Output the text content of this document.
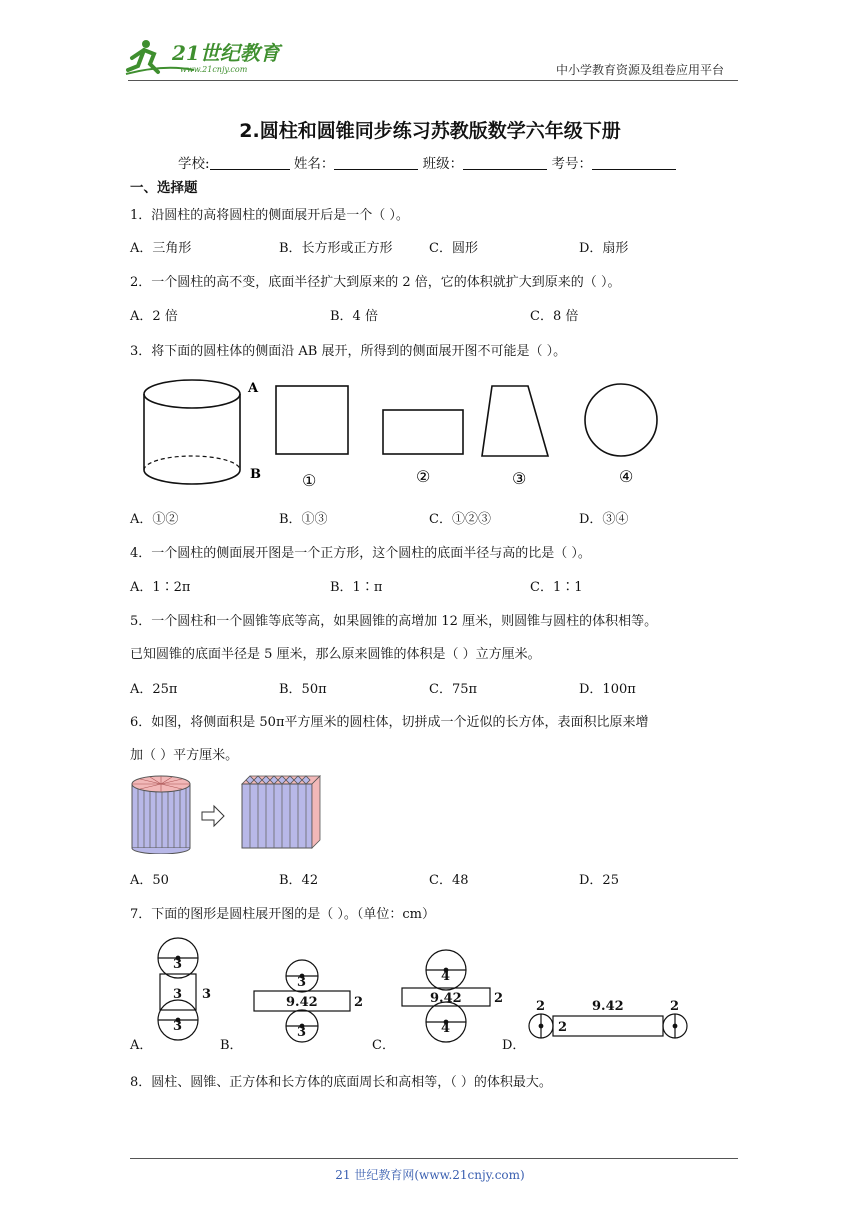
21世纪教育
www.21cnjy.com	中小学教育资源及组卷应用平台
2.圆柱和圆锥同步练习苏教版数学六年级下册
学校:	姓名：	班级：	考号：
一、选择题
1．沿圆柱的高将圆柱的侧面展开后是一个（ ）。
A．三角形	B．长方形或正方形	C．圆形	D．扇形
2．一个圆柱的高不变，底面半径扩大到原来的 2 倍，它的体积就扩大到原来的（ ）。
A．2 倍	B．4 倍	C．8 倍
3．将下面的圆柱体的侧面沿 AB 展开，所得到的侧面展开图不可能是（ ）。
A
B	①	②	③	④
A．①②	B．①③	C．①②③	D．③④
4．一个圆柱的侧面展开图是一个正方形，这个圆柱的底面半径与高的比是（ ）。
A．1∶2π	B．1∶π	C．1∶1
5．一个圆柱和一个圆锥等底等高，如果圆锥的高增加 12 厘米，则圆锥与圆柱的体积相等。
已知圆锥的底面半径是 5 厘米，那么原来圆锥的体积是（ ）立方厘米。
A．25π	B．50π	C．75π	D．100π
6．如图，将侧面积是 50π平方厘米的圆柱体，切拼成一个近似的长方体，表面积比原来增
加（ ）平方厘米。
A．50	B．42	C．48	D．25
7．下面的图形是圆柱展开图的是（ ）。（单位：cm）
3
3 3
3
3
9.42	2
3
4
9.42 2
4
2	9.42
2
2
A．	B．	C．	D．
8．圆柱、圆锥、正方体和长方体的底面周长和高相等，（ ）的体积最大。
21 世纪教育网(www.21cnjy.com)
